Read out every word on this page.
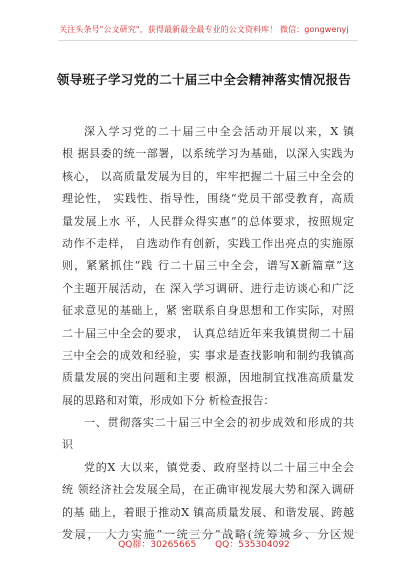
关注头条号"公文研究"，获得最新最全最专业的公文资料库！ 微信：gongwenyj
领导班子学习党的二十届三中全会精神落实情况报告
深入学习党的二十届三中全会活动开展以来，X 镇
根 据县委的统一部署，以系统学习为基础，以深入实践为
核心， 以高质量发展为目的，牢牢把握二十届三中全会的
理论性， 实践性、指导性，围绕“党员干部受教育，高质
量发展上水 平，人民群众得实惠”的总体要求，按照规定
动作不走样， 自选动作有创新，实践工作出亮点的实施原
则，紧紧抓住“践 行二十届三中全会，谱写X新篇章”这
个主题开展活动，在 深入学习调研、进行走访谈心和广泛
征求意见的基础上，紧 密联系自身思想和工作实际，对照
二十届三中全会的要求， 认真总结近年来我镇贯彻二十届
三中全会的成效和经验，实 事求是查找影响和制约我镇高
质量发展的突出问题和主要 根源，因地制宜找准高质量发
展的思路和对策，形成如下分 析检查报告：
一、贯彻落实二十届三中全会的初步成效和形成的共
识
党的X 大以来，镇党委、政府坚持以二十届三中全会
统 领经济社会发展全局，在正确审视发展大势和深入调研
的基 础上，着眼于推动X 镇高质量发展、和谐发展、跨越
发展， 大力实施“一统三分”战略(统筹城乡、分区规
QQ群：30265665 QQ：535304092
